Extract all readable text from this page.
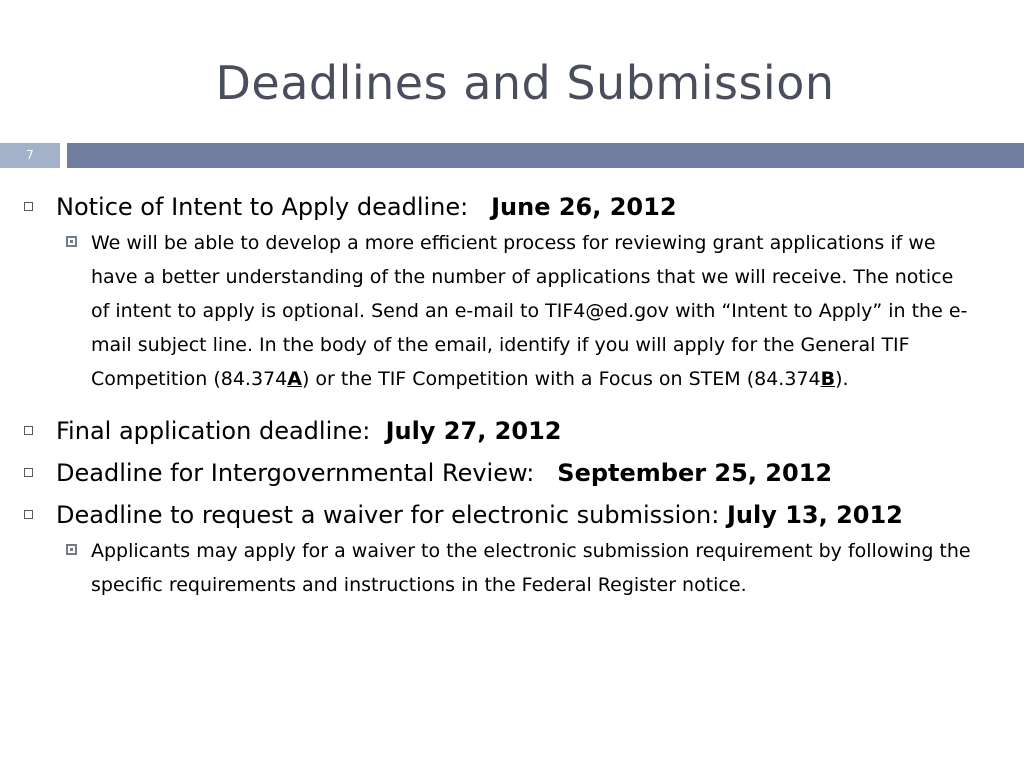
Deadlines and Submission
7
Notice of Intent to Apply deadline: June 26, 2012
We will be able to develop a more efficient process for reviewing grant applications if we have a better understanding of the number of applications that we will receive. The notice of intent to apply is optional. Send an e-mail to TIF4@ed.gov with “Intent to Apply” in the e-mail subject line. In the body of the email, identify if you will apply for the General TIF Competition (84.374A) or the TIF Competition with a Focus on STEM (84.374B).
Final application deadline: July 27, 2012
Deadline for Intergovernmental Review: September 25, 2012
Deadline to request a waiver for electronic submission: July 13, 2012
Applicants may apply for a waiver to the electronic submission requirement by following the specific requirements and instructions in the Federal Register notice.
